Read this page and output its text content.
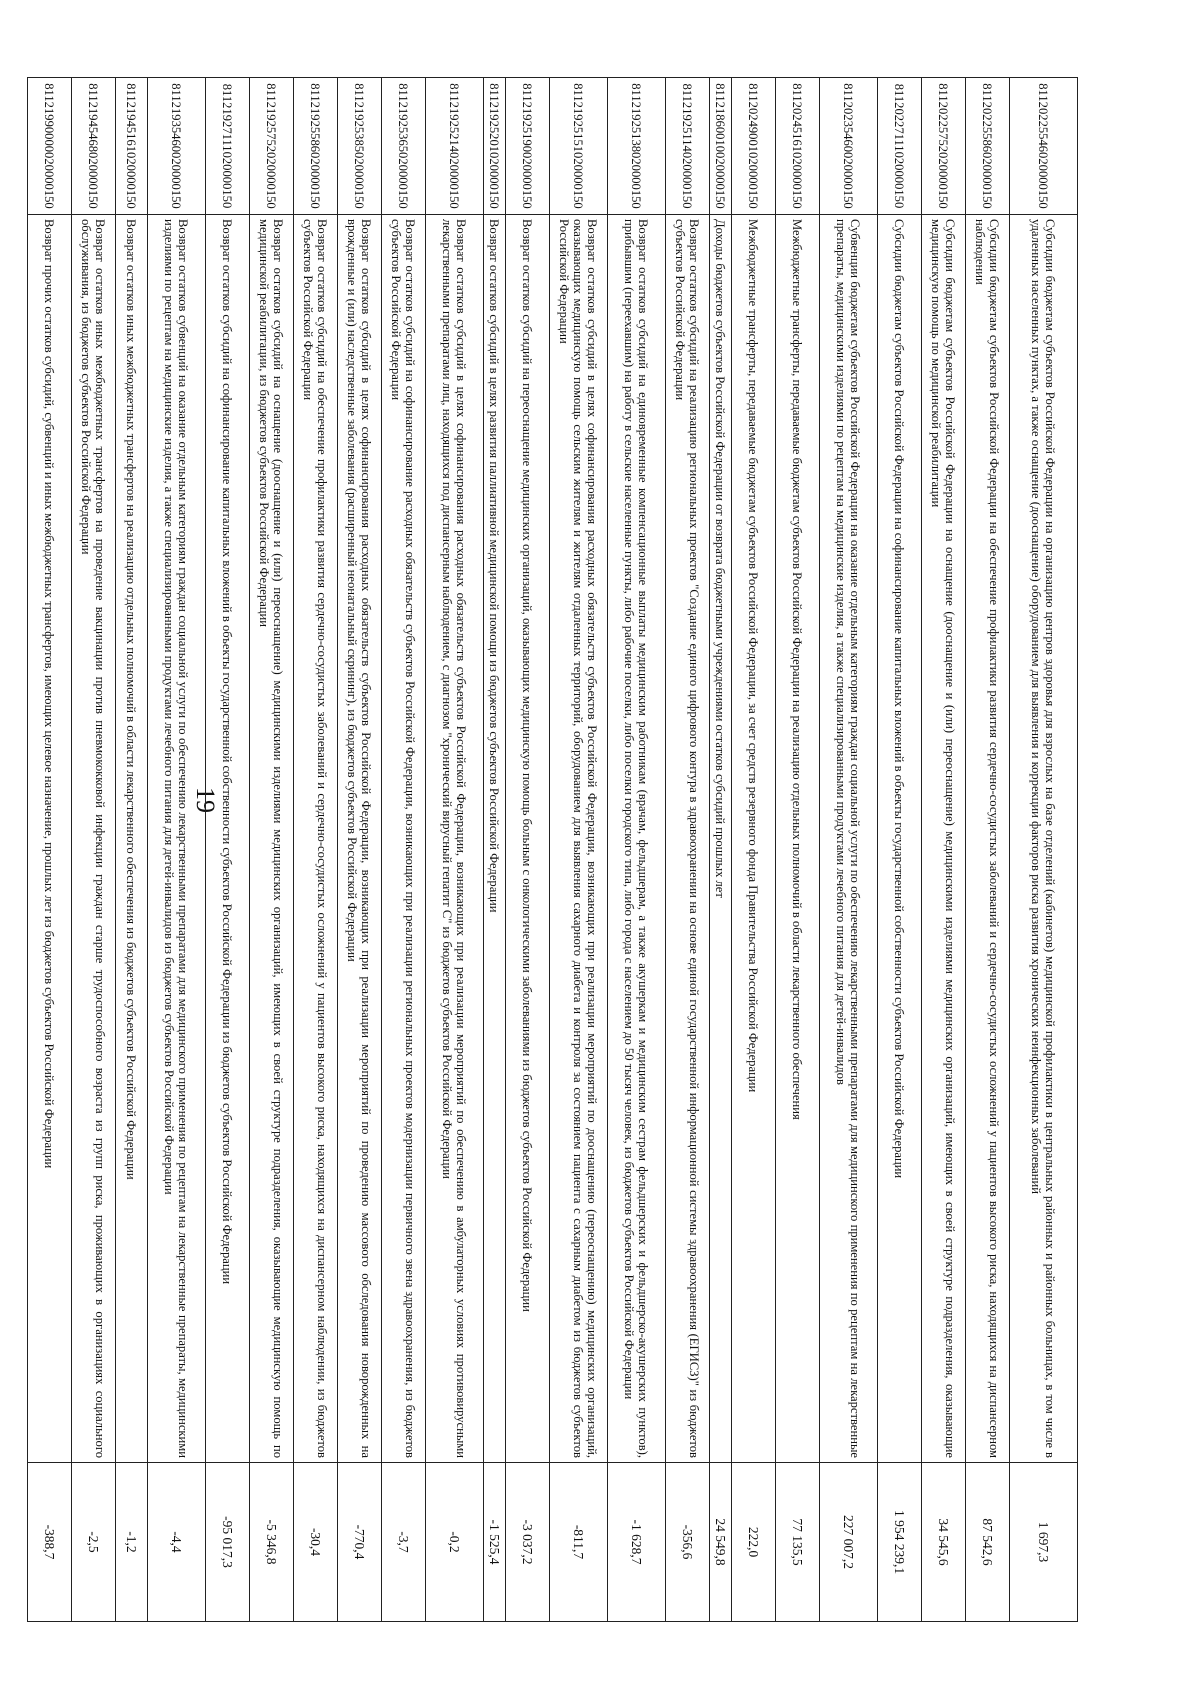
19
81120225546020000150	Субсидии бюджетам субъектов Российской Федерации на организацию центров здоровья для взрослых на базе отделений (кабинетов) медицинской профилактики в центральных районных и районных больницах, в том числе в удаленных населенных пунктах, а также оснащение (дооснащение) оборудованием для выявления и коррекции факторов риска развития хронических неинфекционных заболеваний	1 697,3
81120225586020000150	Субсидии бюджетам субъектов Российской Федерации на обеспечение профилактики развития сердечно-сосудистых заболеваний и сердечно-сосудистых осложнений у пациентов высокого риска, находящихся на диспансерном наблюдении	87 542,6
81120225752020000150	Субсидии бюджетам субъектов Российской Федерации на оснащение (дооснащение и (или) переоснащение) медицинскими изделиями медицинских организаций, имеющих в своей структуре подразделения, оказывающие медицинскую помощь по медицинской реабилитации	34 545,6
81120227111020000150	Субсидии бюджетам субъектов Российской Федерации на софинансирование капитальных вложений в объекты государственной собственности субъектов Российской Федерации	1 954 239,1
81120235460020000150	Субвенции бюджетам субъектов Российской Федерации на оказание отдельным категориям граждан социальной услуги по обеспечению лекарственными препаратами для медицинского применения по рецептам на лекарственные препараты, медицинскими изделиями по рецептам на медицинские изделия, а также специализированными продуктами лечебного питания для детей-инвалидов	227 007,2
81120245161020000150	Межбюджетные трансферты, передаваемые бюджетам субъектов Российской Федерации на реализацию отдельных полномочий в области лекарственного обеспечения	77 135,5
81120249001020000150	Межбюджетные трансферты, передаваемые бюджетам субъектов Российской Федерации, за счет средств резервного фонда Правительства Российской Федерации	222,0
81121860010020000150	Доходы бюджетов субъектов Российской Федерации от возврата бюджетными учреждениями остатков субсидий прошлых лет	24 549,8
81121925114020000150	Возврат остатков субсидий на реализацию региональных проектов "Создание единого цифрового контура в здравоохранении на основе единой государственной информационной системы здравоохранения (ЕГИСЗ)" из бюджетов субъектов Российской Федерации	-356,6
81121925138020000150	Возврат остатков субсидий на единовременные компенсационные выплаты медицинским работникам (врачам, фельдшерам, а также акушеркам и медицинским сестрам фельдшерских и фельдшерско-акушерских пунктов), прибывшим (переехавшим) на работу в сельские населенные пункты, либо рабочие поселки, либо поселки городского типа, либо города с населением до 50 тысяч человек, из бюджетов субъектов Российской Федерации	-1 628,7
81121925151020000150	Возврат остатков субсидий в целях софинансирования расходных обязательств субъектов Российской Федерации, возникающих при реализации мероприятий по дооснащению (переоснащению) медицинских организаций, оказывающих медицинскую помощь сельским жителям и жителям отдаленных территорий, оборудованием для выявления сахарного диабета и контроля за состоянием пациента с сахарным диабетом из бюджетов субъектов Российской Федерации	-811,7
81121925190020000150	Возврат остатков субсидий на переоснащение медицинских организаций, оказывающих медицинскую помощь больным с онкологическими заболеваниями из бюджетов субъектов Российской Федерации	-3 037,2
81121925201020000150	Возврат остатков субсидий в целях развития паллиативной медицинской помощи из бюджетов субъектов Российской Федерации	-1 525,4
81121925214020000150	Возврат остатков субсидий в целях софинансирования расходных обязательств субъектов Российской Федерации, возникающих при реализации мероприятий по обеспечению в амбулаторных условиях противовирусными лекарственными препаратами лиц, находящихся под диспансерным наблюдением, с диагнозом "хронический вирусный гепатит C" из бюджетов субъектов Российской Федерации	-0,2
81121925365020000150	Возврат остатков субсидий на софинансирование расходных обязательств субъектов Российской Федерации, возникающих при реализации региональных проектов модернизации первичного звена здравоохранения, из бюджетов субъектов Российской Федерации	-3,7
81121925385020000150	Возврат остатков субсидий в целях софинансирования расходных обязательств субъектов Российской Федерации, возникающих при реализации мероприятий по проведению массового обследования новорожденных на врожденные и (или) наследственные заболевания (расширенный неонатальный скрининг), из бюджетов субъектов Российской Федерации	-770,4
81121925586020000150	Возврат остатков субсидий на обеспечение профилактики развития сердечно-сосудистых заболеваний и сердечно-сосудистых осложнений у пациентов высокого риска, находящихся на диспансерном наблюдении, из бюджетов субъектов Российской Федерации	-30,4
81121925752020000150	Возврат остатков субсидий на оснащение (дооснащение и (или) переоснащение) медицинскими изделиями медицинских организаций, имеющих в своей структуре подразделения, оказывающие медицинскую помощь по медицинской реабилитации, из бюджетов субъектов Российской Федерации	-5 346,8
81121927111020000150	Возврат остатков субсидий на софинансирование капитальных вложений в объекты государственной собственности субъектов Российской Федерации из бюджетов субъектов Российской Федерации	-95 017,3
81121935460020000150	Возврат остатков субвенций на оказание отдельным категориям граждан социальной услуги по обеспечению лекарственными препаратами для медицинского применения по рецептам на лекарственные препараты, медицинскими изделиями по рецептам на медицинские изделия, а также специализированными продуктами лечебного питания для детей-инвалидов из бюджетов субъектов Российской Федерации	-4,4
81121945161020000150	Возврат остатков иных межбюджетных трансфертов на реализацию отдельных полномочий в области лекарственного обеспечения из бюджетов субъектов Российской Федерации	-1,2
81121945468020000150	Возврат остатков иных межбюджетных трансфертов на проведение вакцинации против пневмококковой инфекции граждан старше трудоспособного возраста из групп риска, проживающих в организациях социального обслуживания, из бюджетов субъектов Российской Федерации	-2,5
81121990000020000150	Возврат прочих остатков субсидий, субвенций и иных межбюджетных трансфертов, имеющих целевое назначение, прошлых лет из бюджетов субъектов Российской Федерации	-388,7
